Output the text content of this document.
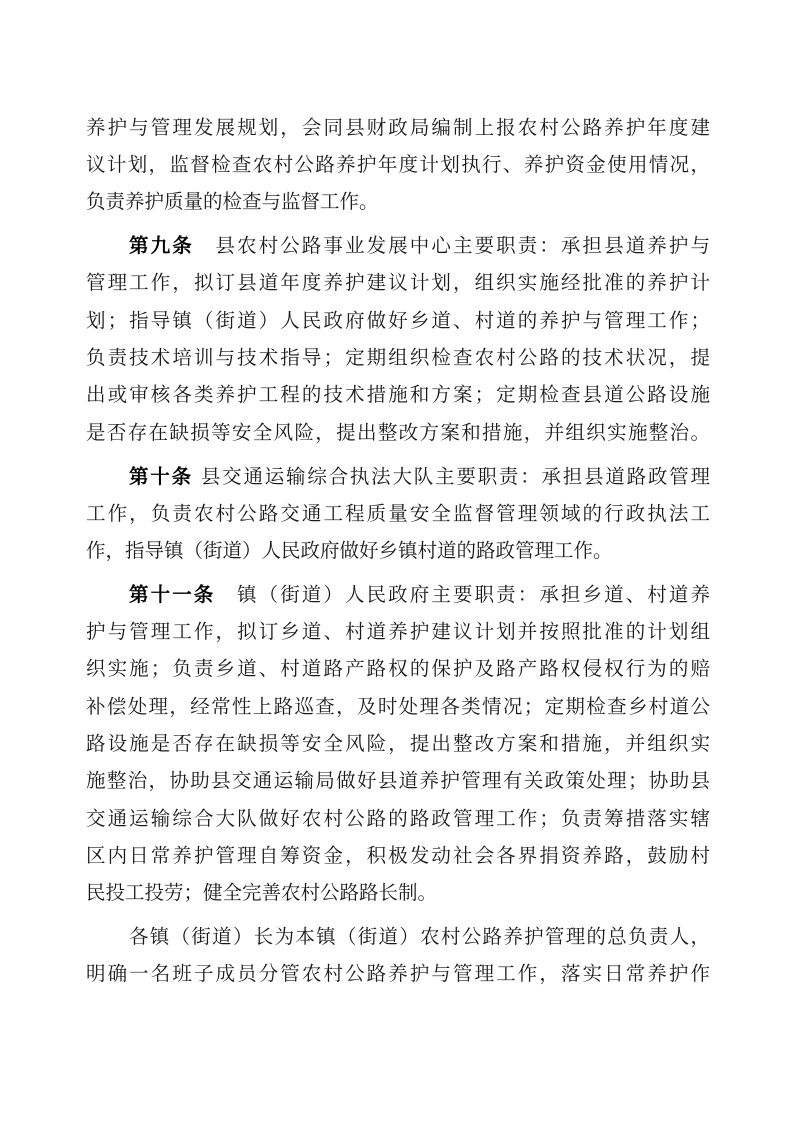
养护与管理发展规划，会同县财政局编制上报农村公路养护年度建

议计划，监督检查农村公路养护年度计划执行、养护资金使用情况，

负责养护质量的检查与监督工作。

第九条　 县农村公路事业发展中心主要职责：承担县道养护与

管理工作，拟订县道年度养护建议计划，组织实施经批准的养护计

划；指导镇（街道）人民政府做好乡道、村道的养护与管理工作；

负责技术培训与技术指导；定期组织检查农村公路的技术状况，提

出或审核各类养护工程的技术措施和方案；定期检查县道公路设施

是否存在缺损等安全风险，提出整改方案和措施，并组织实施整治。

第十条 县交通运输综合执法大队主要职责：承担县道路政管理

工作，负责农村公路交通工程质量安全监督管理领域的行政执法工

作，指导镇（街道）人民政府做好乡镇村道的路政管理工作。

第十一条　 镇（街道）人民政府主要职责：承担乡道、村道养

护与管理工作，拟订乡道、村道养护建议计划并按照批准的计划组

织实施；负责乡道、村道路产路权的保护及路产路权侵权行为的赔

补偿处理，经常性上路巡查，及时处理各类情况；定期检查乡村道公

路设施是否存在缺损等安全风险，提出整改方案和措施，并组织实

施整治，协助县交通运输局做好县道养护管理有关政策处理；协助县

交通运输综合大队做好农村公路的路政管理工作；负责筹措落实辖

区内日常养护管理自筹资金，积极发动社会各界捐资养路，鼓励村

民投工投劳；健全完善农村公路路长制。

各镇（街道）长为本镇（街道）农村公路养护管理的总负责人，

明确一名班子成员分管农村公路养护与管理工作，落实日常养护作
